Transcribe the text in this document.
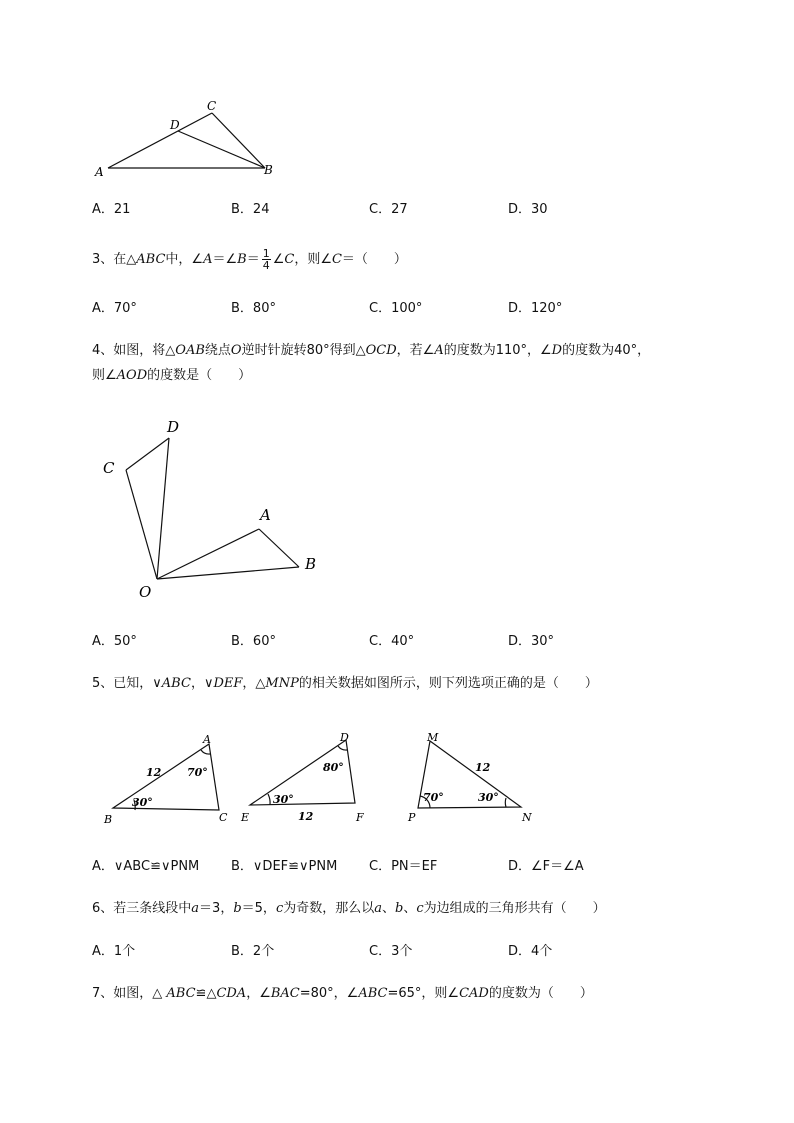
A	B
C
D
A．21	B．24	C．27	D．30
3、在△ABC中，∠A＝∠B＝ $\frac{1}{4}$ ∠C，则∠C＝（　　）
A．70°	B．80°	C．100°	D．120°
4、如图，将△OAB绕点O逆时针旋转80°得到△OCD，若∠A的度数为110°，∠D的度数为40°，
则∠AOD的度数是（　　）
D
C
A
B
O
A．50°	B．60°	C．40°	D．30°
5、已知，∨ABC，∨DEF，△MNP的相关数据如图所示，则下列选项正确的是（　　）
A
B	C
D
E	F
M
N
P
12 70°
30°
80°
30°
12
12
70°	30°
A．∨ABC≌∨PNM B．∨DEF≌∨PNM C．PN＝EF	D．∠F＝∠A
6、若三条线段中a＝3，b＝5，c为奇数，那么以a、b、c为边组成的三角形共有（　　）
A．1个	B．2个	C．3个	D．4个
7、如图，△ ABC≌△CDA，∠BAC=80°，∠ABC=65°，则∠CAD的度数为（　　）
